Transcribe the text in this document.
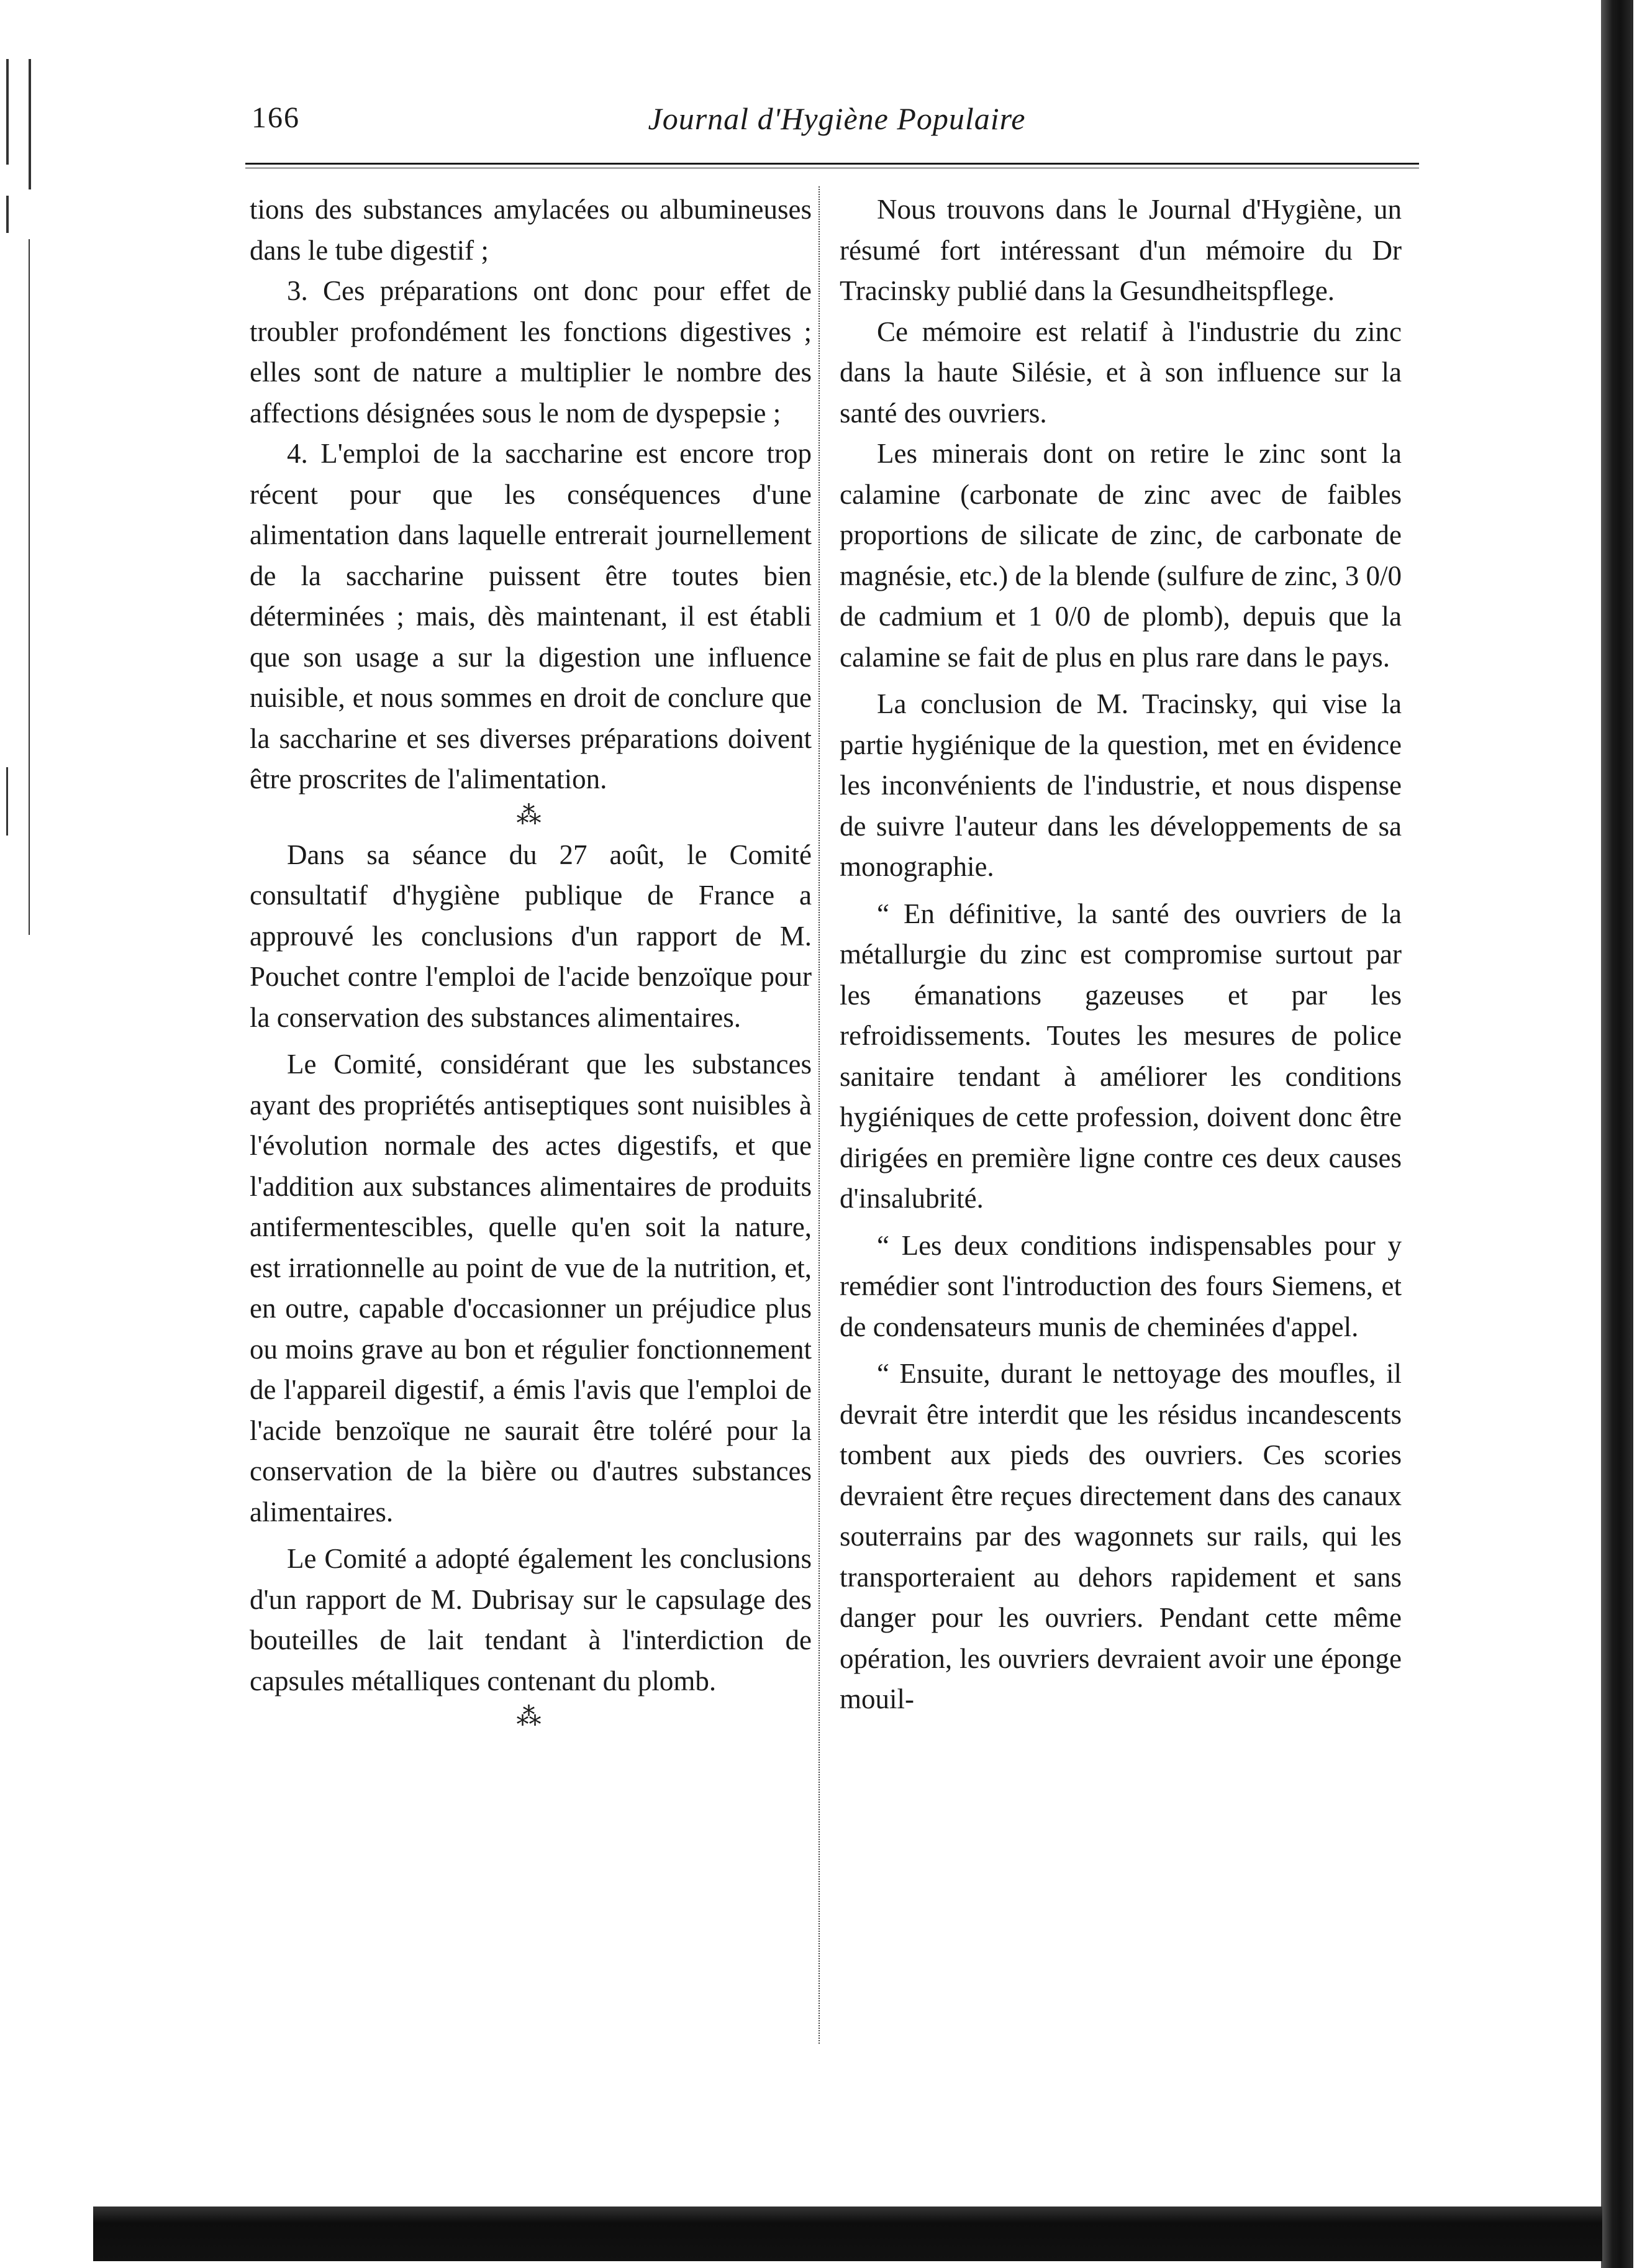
166	Journal d'Hygiène Populaire

tions des substances amylacées ou albumineuses dans le tube digestif ;

3. Ces préparations ont donc pour effet de troubler profondément les fonctions digestives ; elles sont de nature a multiplier le nombre des affections désignées sous le nom de dyspepsie ;

4. L'emploi de la saccharine est encore trop récent pour que les conséquences d'une alimentation dans laquelle entrerait journellement de la saccharine puissent être toutes bien déterminées ; mais, dès maintenant, il est établi que son usage a sur la digestion une influence nuisible, et nous sommes en droit de conclure que la saccharine et ses diverses préparations doivent être proscrites de l'alimentation.

⁂

Dans sa séance du 27 août, le Comité consultatif d'hygiène publique de France a approuvé les conclusions d'un rapport de M. Pouchet contre l'emploi de l'acide benzoïque pour la conservation des substances alimentaires.

Le Comité, considérant que les substances ayant des propriétés antiseptiques sont nuisibles à l'évolution normale des actes digestifs, et que l'addition aux substances alimentaires de produits antifermentescibles, quelle qu'en soit la nature, est irrationnelle au point de vue de la nutrition, et, en outre, capable d'occasionner un préjudice plus ou moins grave au bon et régulier fonctionnement de l'appareil digestif, a émis l'avis que l'emploi de l'acide benzoïque ne saurait être toléré pour la conservation de la bière ou d'autres substances alimentaires.

Le Comité a adopté également les conclusions d'un rapport de M. Dubrisay sur le capsulage des bouteilles de lait tendant à l'interdiction de capsules métalliques contenant du plomb.

⁂

Nous trouvons dans le Journal d'Hygiène, un résumé fort intéressant d'un mémoire du Dr Tracinsky publié dans la Gesundheitspflege.

Ce mémoire est relatif à l'industrie du zinc dans la haute Silésie, et à son influence sur la santé des ouvriers.

Les minerais dont on retire le zinc sont la calamine (carbonate de zinc avec de faibles proportions de silicate de zinc, de carbonate de magnésie, etc.) de la blende (sulfure de zinc, 3 0/0 de cadmium et 1 0/0 de plomb), depuis que la calamine se fait de plus en plus rare dans le pays.

La conclusion de M. Tracinsky, qui vise la partie hygiénique de la question, met en évidence les inconvénients de l'industrie, et nous dispense de suivre l'auteur dans les développements de sa monographie.

“ En définitive, la santé des ouvriers de la métallurgie du zinc est compromise surtout par les émanations gazeuses et par les refroidissements. Toutes les mesures de police sanitaire tendant à améliorer les conditions hygiéniques de cette profession, doivent donc être dirigées en première ligne contre ces deux causes d'insalubrité.

“ Les deux conditions indispensables pour y remédier sont l'introduction des fours Siemens, et de condensateurs munis de cheminées d'appel.

“ Ensuite, durant le nettoyage des moufles, il devrait être interdit que les résidus incandescents tombent aux pieds des ouvriers. Ces scories devraient être reçues directement dans des canaux souterrains par des wagonnets sur rails, qui les transporteraient au dehors rapidement et sans danger pour les ouvriers. Pendant cette même opération, les ouvriers devraient avoir une éponge mouil-
